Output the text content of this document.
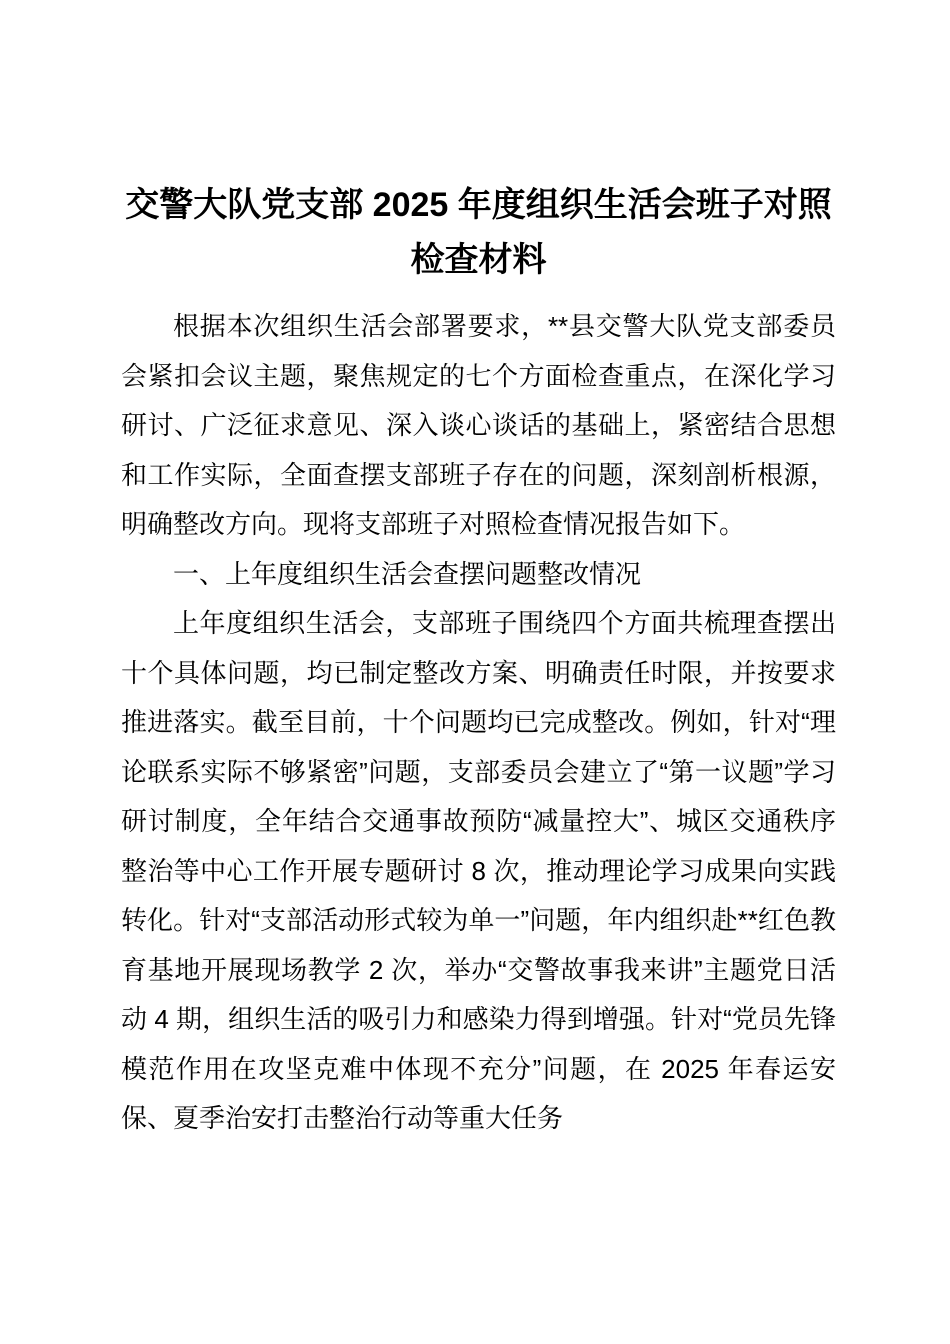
交警大队党支部 2025 年度组织生活会班子对照检查材料

根据本次组织生活会部署要求，**县交警大队党支部委员会紧扣会议主题，聚焦规定的七个方面检查重点，在深化学习研讨、广泛征求意见、深入谈心谈话的基础上，紧密结合思想和工作实际，全面查摆支部班子存在的问题，深刻剖析根源，明确整改方向。现将支部班子对照检查情况报告如下。

一、上年度组织生活会查摆问题整改情况

上年度组织生活会，支部班子围绕四个方面共梳理查摆出十个具体问题，均已制定整改方案、明确责任时限，并按要求推进落实。截至目前，十个问题均已完成整改。例如，针对“理论联系实际不够紧密”问题，支部委员会建立了“第一议题”学习研讨制度，全年结合交通事故预防“减量控大”、城区交通秩序整治等中心工作开展专题研讨 8 次，推动理论学习成果向实践转化。针对“支部活动形式较为单一”问题，年内组织赴**红色教育基地开展现场教学 2 次，举办“交警故事我来讲”主题党日活动 4 期，组织生活的吸引力和感染力得到增强。针对“党员先锋模范作用在攻坚克难中体现不充分”问题，在 2025 年春运安保、夏季治安打击整治行动等重大任务
